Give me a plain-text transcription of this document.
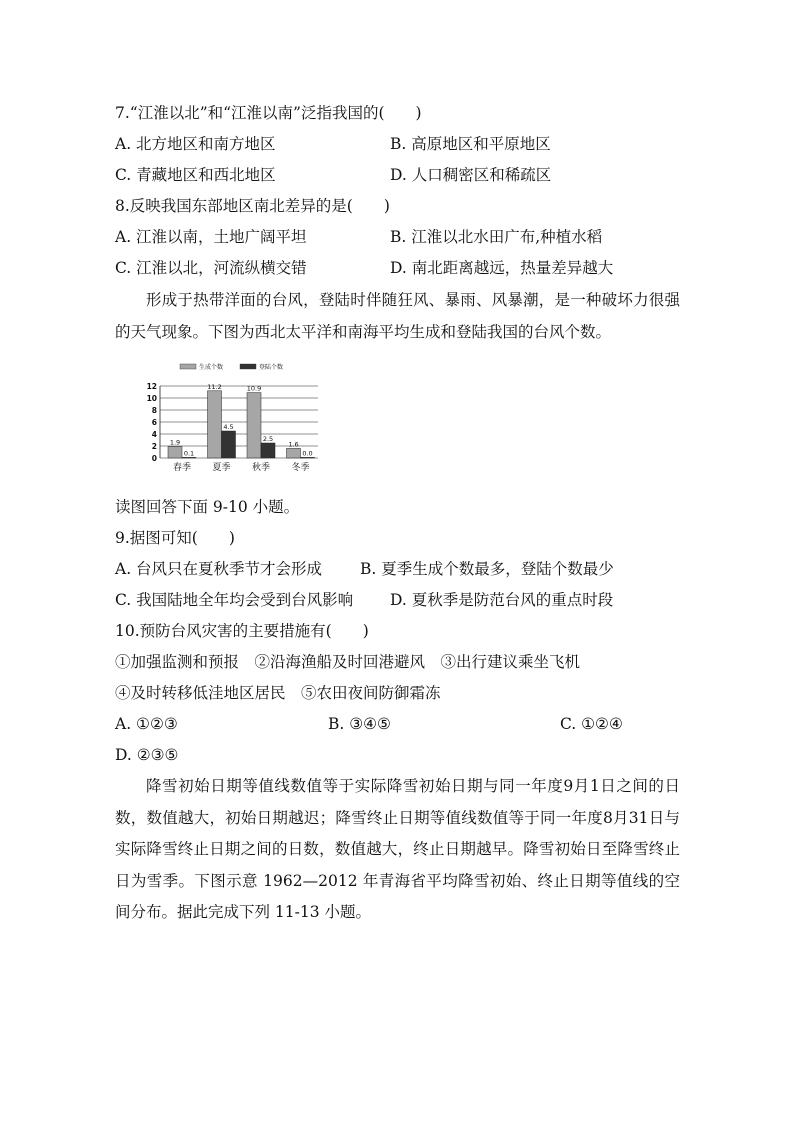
7.“江淮以北”和“江淮以南”泛指我国的(　　)
A. 北方地区和南方地区	B. 高原地区和平原地区
C. 青藏地区和西北地区	D. 人口稠密区和稀疏区
8.反映我国东部地区南北差异的是(　　)
A. 江淮以南，土地广阔平坦	B. 江淮以北水田广布,种植水稻
C. 江淮以北，河流纵横交错	D. 南北距离越远，热量差异越大

形成于热带洋面的台风，登陆时伴随狂风、暴雨、风暴潮，是一种破坏力很强的天气现象。下图为西北太平洋和南海平均生成和登陆我国的台风个数。

生成个数	登陆个数
0
2
4
6
8
10
12
1.9
0.1
11.2
4.5
10.9
2.5
1.6
0.0
春季 夏季 秋季 冬季
读图回答下面 9-10 小题。
9.据图可知(　　)
A. 台风只在夏秋季节才会形成 B. 夏季生成个数最多，登陆个数最少
C. 我国陆地全年均会受到台风影响 D. 夏秋季是防范台风的重点时段
10.预防台风灾害的主要措施有(　　)
①加强监测和预报　②沿海渔船及时回港避风　③出行建议乘坐飞机
④及时转移低洼地区居民　⑤农田夜间防御霜冻
A. ①②③	B. ③④⑤	C. ①②④
D. ②③⑤

降雪初始日期等值线数值等于实际降雪初始日期与同一年度9月1日之间的日数，数值越大，初始日期越迟；降雪终止日期等值线数值等于同一年度8月31日与实际降雪终止日期之间的日数，数值越大，终止日期越早。降雪初始日至降雪终止日为雪季。下图示意 1962—2012 年青海省平均降雪初始、终止日期等值线的空间分布。据此完成下列 11-13 小题。
